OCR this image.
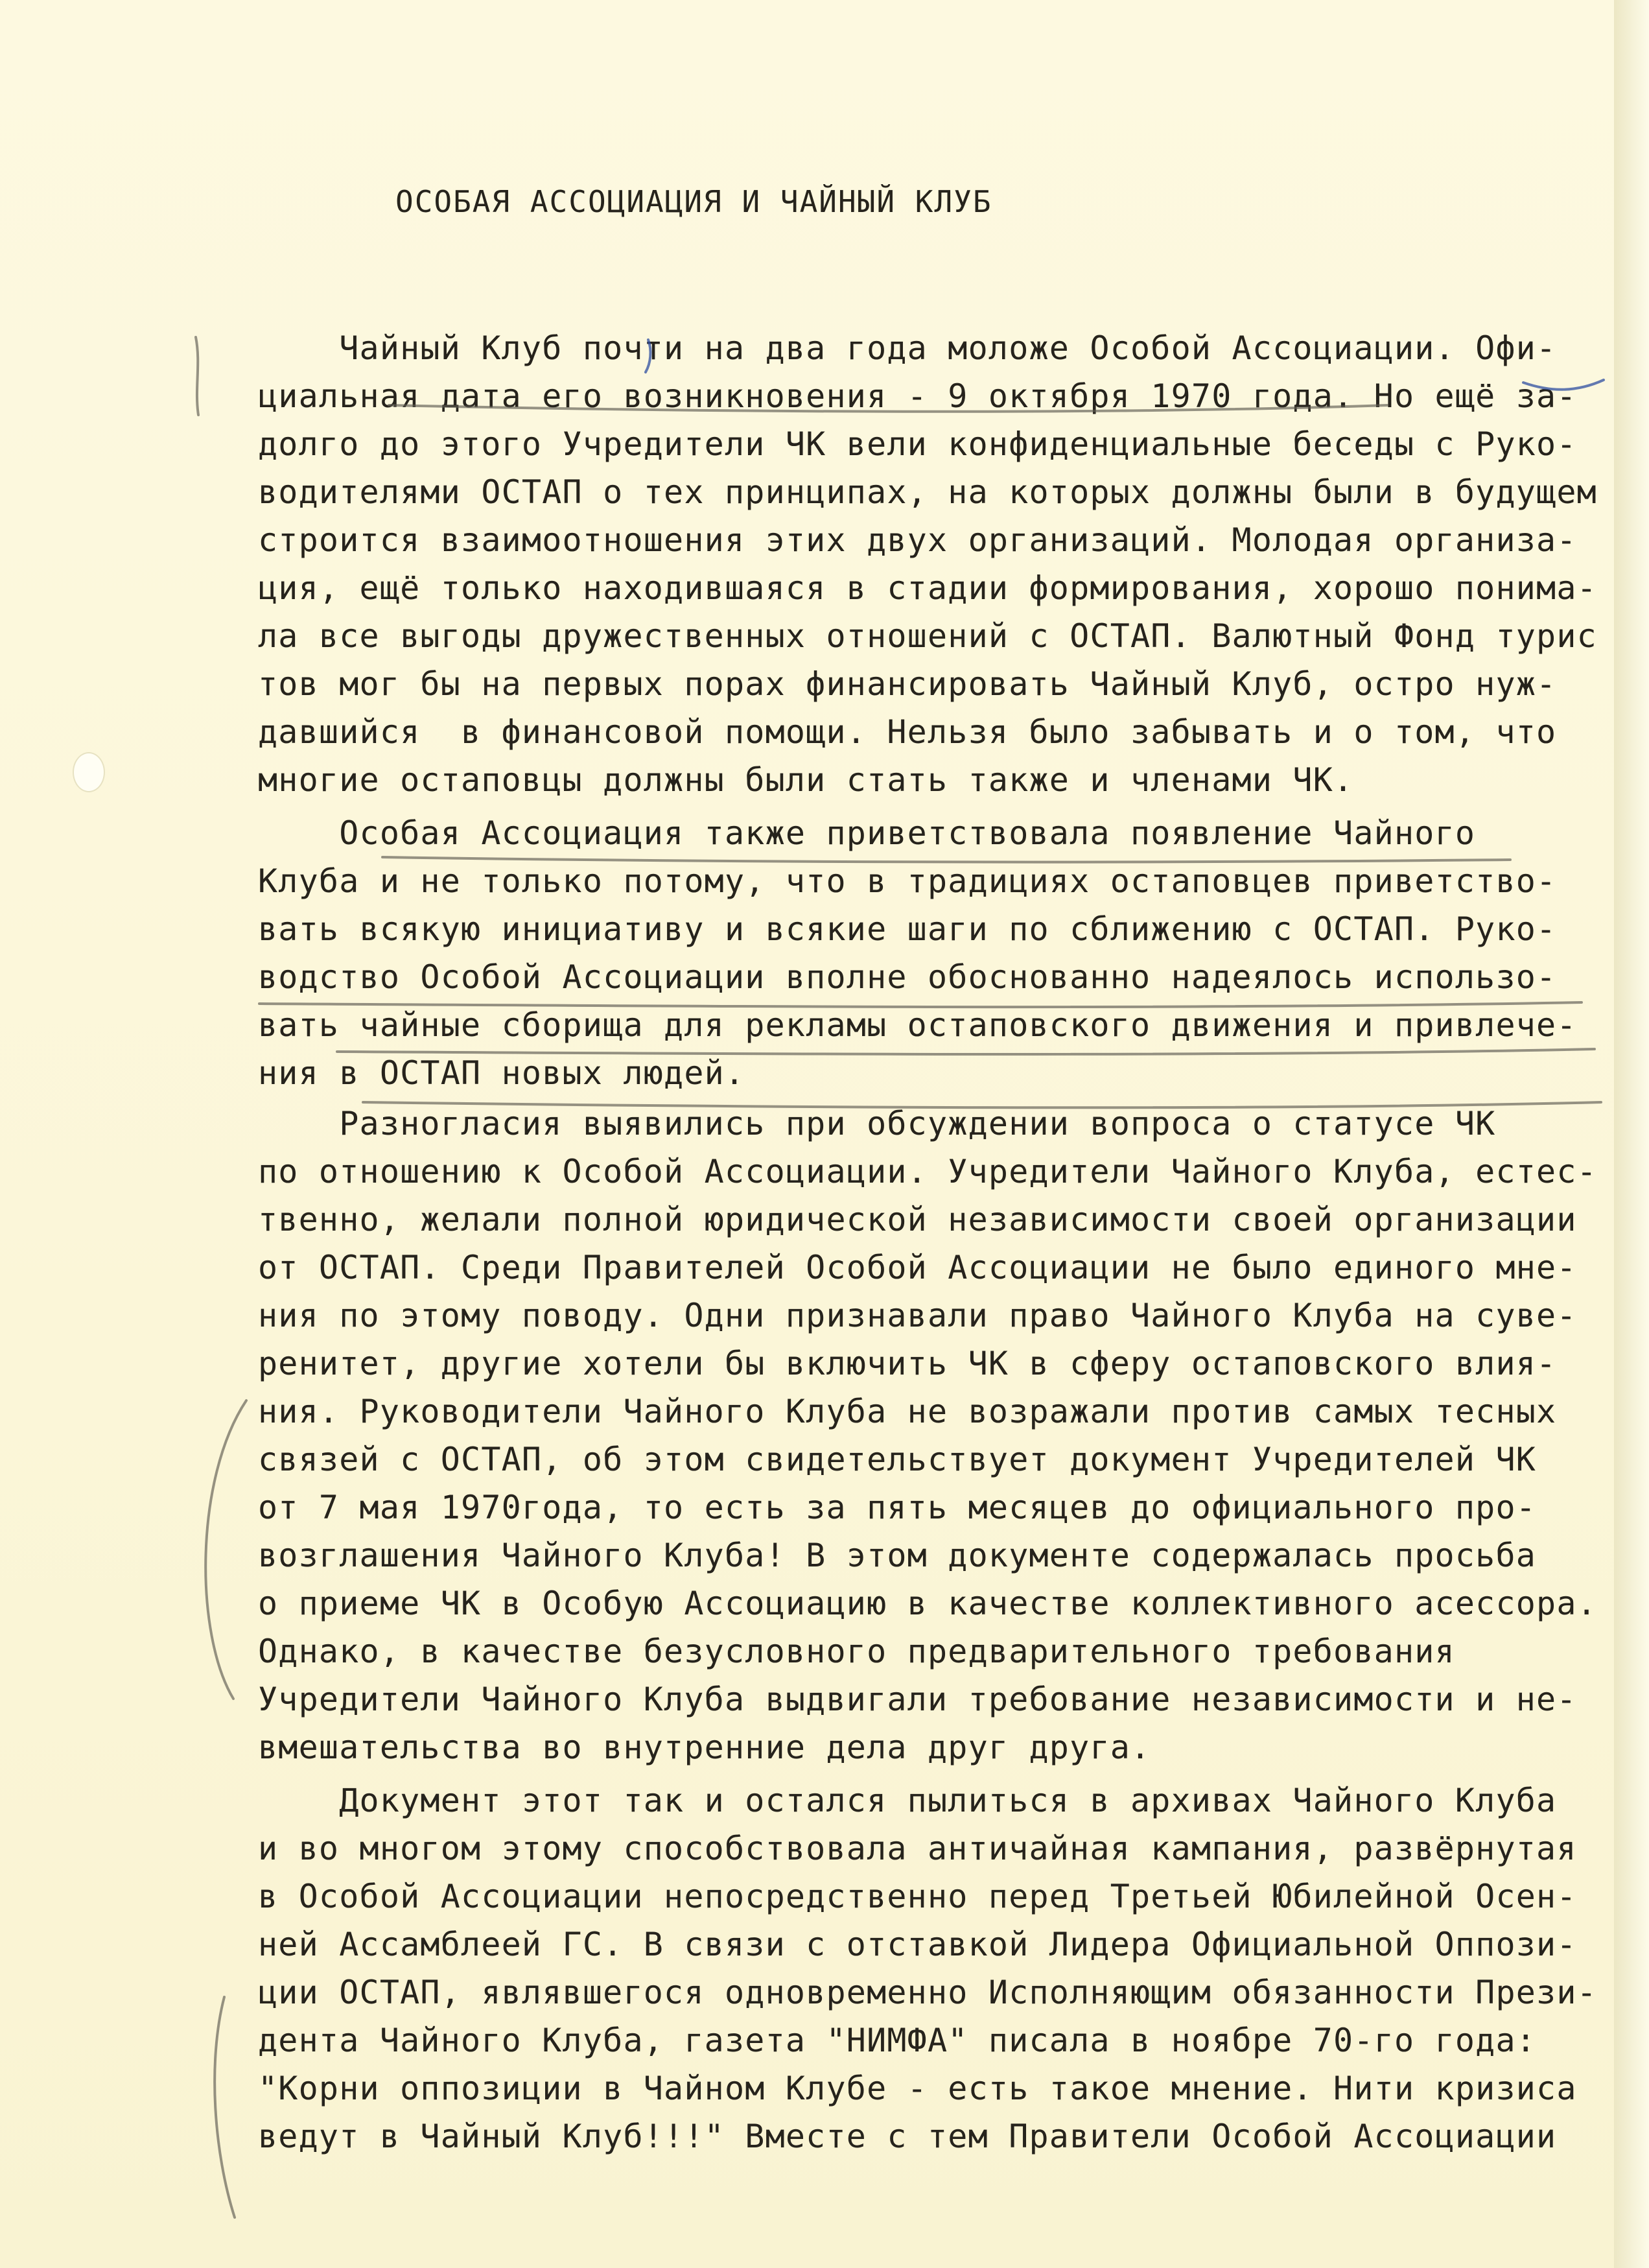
ОСОБАЯ АССОЦИАЦИЯ И ЧАЙНЫЙ КЛУБ
Чайный Клуб почти на два года моложе Особой Ассоциации. Офи-
циальная дата его возникновения - 9 октября 1970 года. Но ещё за-
долго до этого Учредители ЧК вели конфиденциальные беседы с Руко-
водителями ОСТАП о тех принципах, на которых должны были в будущем
строится взаимоотношения этих двух организаций. Молодая организа-
ция, ещё только находившаяся в стадии формирования, хорошо понима-
ла все выгоды дружественных отношений с ОСТАП. Валютный Фонд турис
тов мог бы на первых порах финансировать Чайный Клуб, остро нуж-
давшийся  в финансовой помощи. Нельзя было забывать и о том, что
многие остаповцы должны были стать также и членами ЧК.
Особая Ассоциация также приветствовала появление Чайного
Клуба и не только потому, что в традициях остаповцев приветство-
вать всякую инициативу и всякие шаги по сближению с ОСТАП. Руко-
водство Особой Ассоциации вполне обоснованно надеялось использо-
вать чайные сборища для рекламы остаповского движения и привлече-
ния в ОСТАП новых людей.
Разногласия выявились при обсуждении вопроса о статусе ЧК
по отношению к Особой Ассоциации. Учредители Чайного Клуба, естес-
твенно, желали полной юридической независимости своей организации
от ОСТАП. Среди Правителей Особой Ассоциации не было единого мне-
ния по этому поводу. Одни признавали право Чайного Клуба на суве-
ренитет, другие хотели бы включить ЧК в сферу остаповского влия-
ния. Руководители Чайного Клуба не возражали против самых тесных
связей с ОСТАП, об этом свидетельствует документ Учредителей ЧК
от 7 мая 1970года, то есть за пять месяцев до официального про-
возглашения Чайного Клуба! В этом документе содержалась просьба
о приеме ЧК в Особую Ассоциацию в качестве коллективного асессора.
Однако, в качестве безусловного предварительного требования
Учредители Чайного Клуба выдвигали требование независимости и не-
вмешательства во внутренние дела друг друга.
Документ этот так и остался пылиться в архивах Чайного Клуба
и во многом этому способствовала античайная кампания, развёрнутая
в Особой Ассоциации непосредственно перед Третьей Юбилейной Осен-
ней Ассамблеей ГС. В связи с отставкой Лидера Официальной Оппози-
ции ОСТАП, являвшегося одновременно Исполняющим обязанности Прези-
дента Чайного Клуба, газета "НИМФА" писала в ноябре 70-го года:
"Корни оппозиции в Чайном Клубе - есть такое мнение. Нити кризиса
ведут в Чайный Клуб!!!" Вместе с тем Правители Особой Ассоциации
